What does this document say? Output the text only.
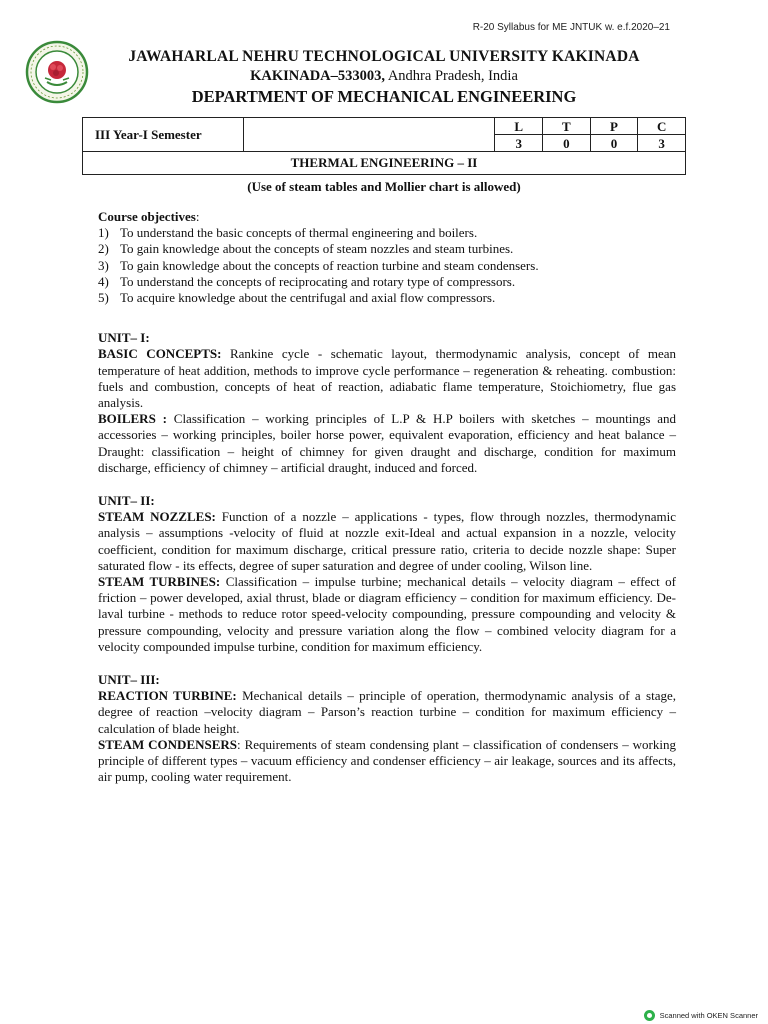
R-20 Syllabus for ME JNTUK w. e.f.2020–21
JAWAHARLAL NEHRU TECHNOLOGICAL UNIVERSITY KAKINADA
KAKINADA–533003, Andhra Pradesh, India
DEPARTMENT OF MECHANICAL ENGINEERING
III Year-I Semester		L	T	P	C
		3	0	0	3
THERMAL ENGINEERING – II					
(Use of steam tables and Mollier chart is allowed)
Course objectives:
1) To understand the basic concepts of thermal engineering and boilers.
2) To gain knowledge about the concepts of steam nozzles and steam turbines.
3) To gain knowledge about the concepts of reaction turbine and steam condensers.
4) To understand the concepts of reciprocating and rotary type of compressors.
5) To acquire knowledge about the centrifugal and axial flow compressors.
UNIT– I:

BASIC CONCEPTS: Rankine cycle - schematic layout, thermodynamic analysis, concept of mean temperature of heat addition, methods to improve cycle performance – regeneration & reheating. combustion: fuels and combustion, concepts of heat of reaction, adiabatic flame temperature, Stoichiometry, flue gas analysis.

BOILERS : Classification – working principles of L.P & H.P boilers with sketches – mountings and accessories – working principles, boiler horse power, equivalent evaporation, efficiency and heat balance – Draught: classification – height of chimney for given draught and discharge, condition for maximum discharge, efficiency of chimney – artificial draught, induced and forced.

UNIT– II:

STEAM NOZZLES: Function of a nozzle – applications - types, flow through nozzles, thermodynamic analysis – assumptions -velocity of fluid at nozzle exit-Ideal and actual expansion in a nozzle, velocity coefficient, condition for maximum discharge, critical pressure ratio, criteria to decide nozzle shape: Super saturated flow - its effects, degree of super saturation and degree of under cooling, Wilson line.

STEAM TURBINES: Classification – impulse turbine; mechanical details – velocity diagram – effect of friction – power developed, axial thrust, blade or diagram efficiency – condition for maximum efficiency. De-laval turbine - methods to reduce rotor speed-velocity compounding, pressure compounding and velocity & pressure compounding, velocity and pressure variation along the flow – combined velocity diagram for a velocity compounded impulse turbine, condition for maximum efficiency.

UNIT– III:

REACTION TURBINE: Mechanical details – principle of operation, thermodynamic analysis of a stage, degree of reaction –velocity diagram – Parson’s reaction turbine – condition for maximum efficiency – calculation of blade height.

STEAM CONDENSERS: Requirements of steam condensing plant – classification of condensers – working principle of different types – vacuum efficiency and condenser efficiency – air leakage, sources and its affects, air pump, cooling water requirement.

Scanned with OKEN Scanner
